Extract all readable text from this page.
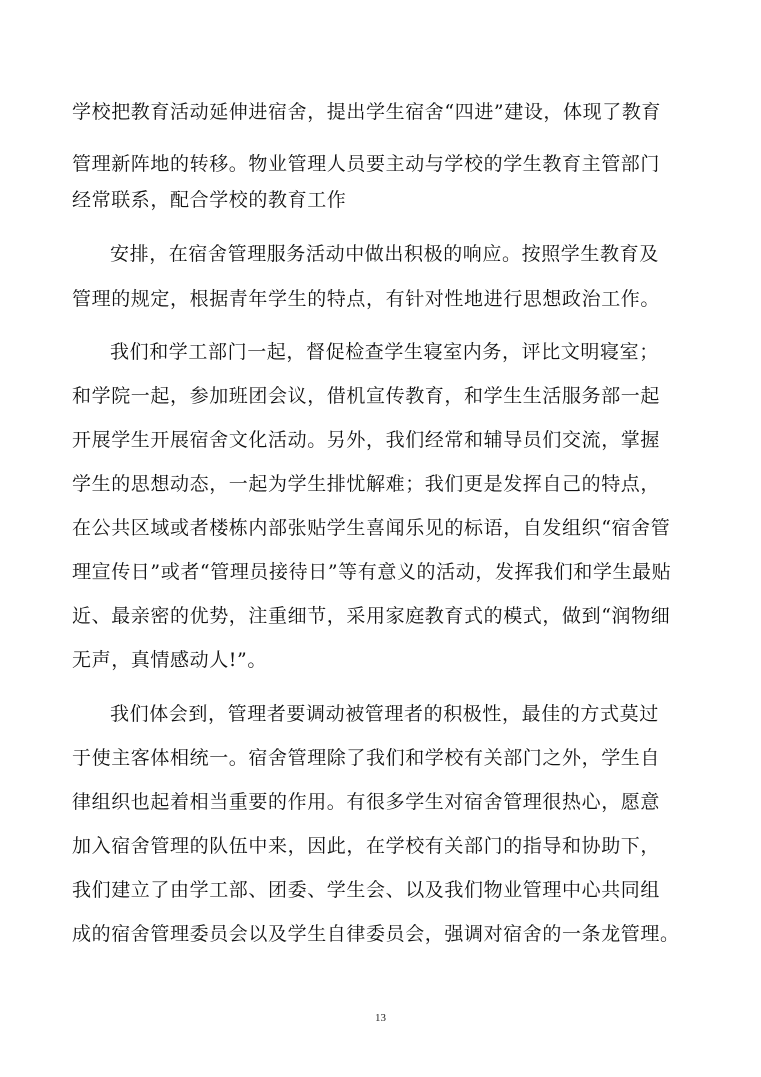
学校把教育活动延伸进宿舍，提出学生宿舍“四进”建设，体现了教育
管理新阵地的转移。物业管理人员要主动与学校的学生教育主管部门
经常联系，配合学校的教育工作
安排，在宿舍管理服务活动中做出积极的响应。按照学生教育及
管理的规定，根据青年学生的特点，有针对性地进行思想政治工作。
我们和学工部门一起，督促检查学生寝室内务，评比文明寝室；
和学院一起，参加班团会议，借机宣传教育，和学生生活服务部一起
开展学生开展宿舍文化活动。另外，我们经常和辅导员们交流，掌握
学生的思想动态，一起为学生排忧解难；我们更是发挥自己的特点，
在公共区域或者楼栋内部张贴学生喜闻乐见的标语，自发组织“宿舍管
理宣传日”或者“管理员接待日”等有意义的活动，发挥我们和学生最贴
近、最亲密的优势，注重细节，采用家庭教育式的模式，做到“润物细
无声，真情感动人!”。
我们体会到，管理者要调动被管理者的积极性，最佳的方式莫过
于使主客体相统一。宿舍管理除了我们和学校有关部门之外，学生自
律组织也起着相当重要的作用。有很多学生对宿舍管理很热心，愿意
加入宿舍管理的队伍中来，因此，在学校有关部门的指导和协助下，
我们建立了由学工部、团委、学生会、以及我们物业管理中心共同组
成的宿舍管理委员会以及学生自律委员会，强调对宿舍的一条龙管理。
13
